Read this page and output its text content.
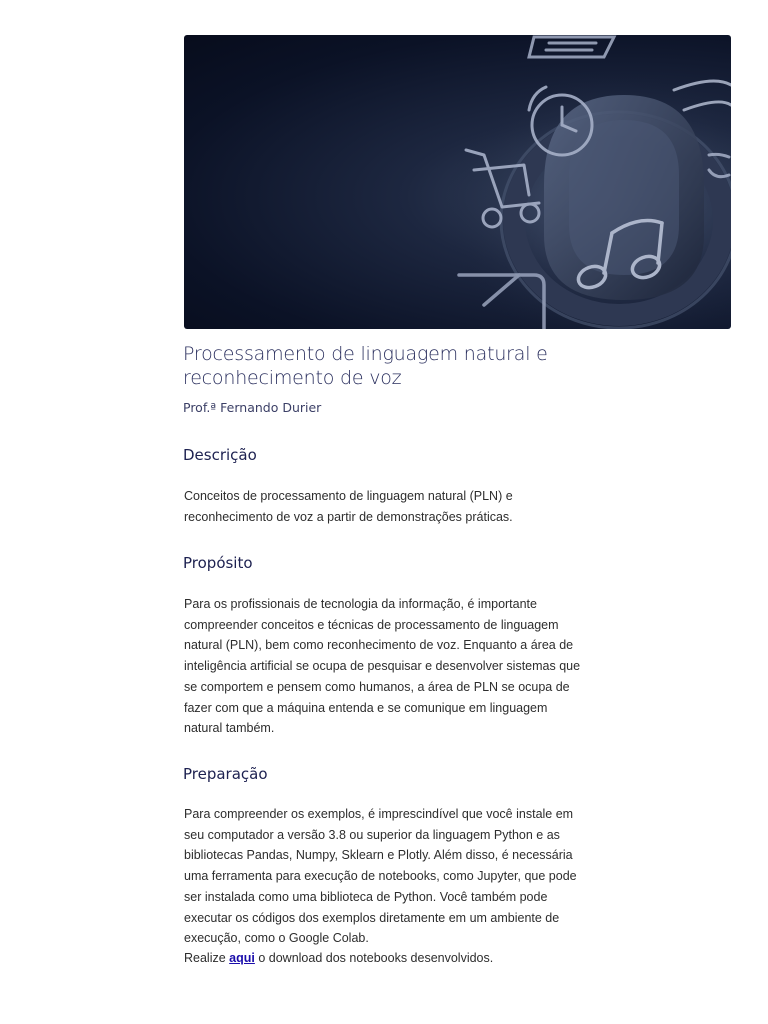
Processamento de linguagem natural e reconhecimento de voz

Prof.ª Fernando Durier

Descrição

Conceitos de processamento de linguagem natural (PLN) e reconhecimento de voz a partir de demonstrações práticas.

Propósito

Para os profissionais de tecnologia da informação, é importante compreender conceitos e técnicas de processamento de linguagem natural (PLN), bem como reconhecimento de voz. Enquanto a área de inteligência artificial se ocupa de pesquisar e desenvolver sistemas que se comportem e pensem como humanos, a área de PLN se ocupa de fazer com que a máquina entenda e se comunique em linguagem natural também.

Preparação

Para compreender os exemplos, é imprescindível que você instale em seu computador a versão 3.8 ou superior da linguagem Python e as bibliotecas Pandas, Numpy, Sklearn e Plotly. Além disso, é necessária uma ferramenta para execução de notebooks, como Jupyter, que pode ser instalada como uma biblioteca de Python. Você também pode executar os códigos dos exemplos diretamente em um ambiente de execução, como o Google Colab.

Realize aqui o download dos notebooks desenvolvidos.
